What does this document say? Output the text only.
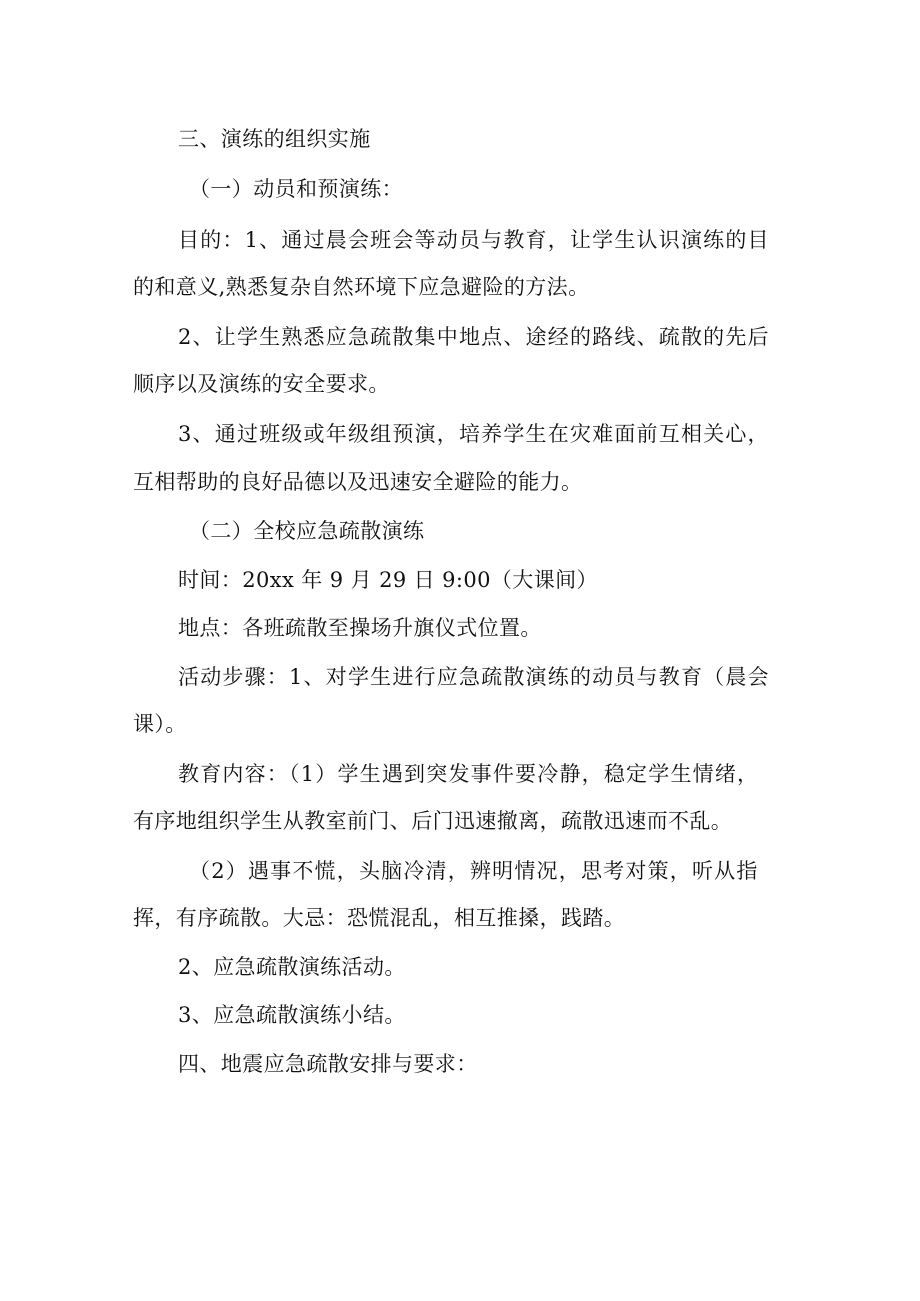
三、演练的组织实施
（一）动员和预演练：
目的：1、通过晨会班会等动员与教育，让学生认识演练的目
的和意义,熟悉复杂自然环境下应急避险的方法。
2、让学生熟悉应急疏散集中地点、途经的路线、疏散的先后
顺序以及演练的安全要求。
3、通过班级或年级组预演，培养学生在灾难面前互相关心，
互相帮助的良好品德以及迅速安全避险的能力。
（二）全校应急疏散演练
时间：20xx 年 9 月 29 日 9:00（大课间）
地点：各班疏散至操场升旗仪式位置。
活动步骤：1、对学生进行应急疏散演练的动员与教育（晨会
课）。
教育内容：（1）学生遇到突发事件要冷静，稳定学生情绪，
有序地组织学生从教室前门、后门迅速撤离，疏散迅速而不乱。
（2）遇事不慌，头脑冷清，辨明情况，思考对策，听从指
挥，有序疏散。大忌：恐慌混乱，相互推搡，践踏。
2、应急疏散演练活动。
3、应急疏散演练小结。
四、地震应急疏散安排与要求：
